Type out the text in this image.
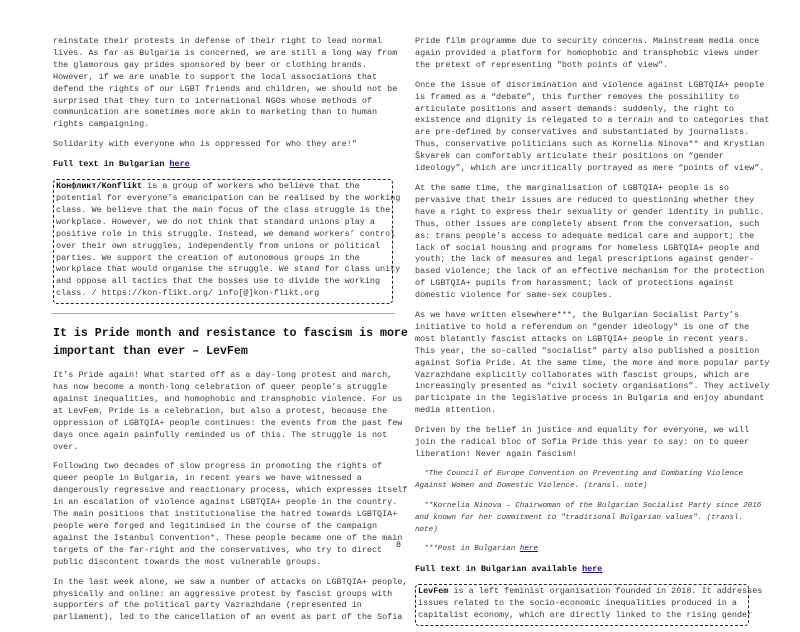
reinstate their protests in defense of their right to lead normal
lives. As far as Bulgaria is concerned, we are still a long way from
the glamorous gay prides sponsored by beer or clothing brands.
However, if we are unable to support the local associations that
defend the rights of our LGBT friends and children, we should not be
surprised that they turn to international NGOs whose methods of
communication are sometimes more akin to marketing than to human
rights campaigning.

Solidarity with everyone who is oppressed for who they are!"

Full text in Bulgarian here

Конфликт/Konflikt is a group of workers who believe that the
potential for everyone’s emancipation can be realised by the working
class. We believe that the main focus of the class struggle is the
workplace. However, we do not think that standard unions play a
positive role in this struggle. Instead, we demand workers’ control
over their own struggles, independently from unions or political
parties. We support the creation of autonomous groups in the
workplace that would organise the struggle. We stand for class unity
and oppose all tactics that the bosses use to divide the working
class. / https://kon-flikt.org/ info[@]kon-flikt.org

It is Pride month and resistance to fascism is more
important than ever – LevFem

It’s Pride again! What started off as a day-long protest and march,
has now become a month-long celebration of queer people’s struggle
against inequalities, and homophobic and transphobic violence. For us
at LevFem, Pride is a celebration, but also a protest, because the
oppression of LGBTQIA+ people continues: the events from the past few
days once again painfully reminded us of this. The struggle is not
over.

Following two decades of slow progress in promoting the rights of
queer people in Bulgaria, in recent years we have witnessed a
dangerously regressive and reactionary process, which expresses itself
in an escalation of violence against LGBTQIA+ people in the country.
The main positions that institutionalise the hatred towards LGBTQIA+
people were forged and legitimised in the course of the campaign
against the Istanbul Convention*. These people became one of the main
targets of the far-right and the conservatives, who try to direct
public discontent towards the most vulnerable groups.

In the last week alone, we saw a number of attacks on LGBTQIA+ people,
physically and online: an aggressive protest by fascist groups with
supporters of the political party Vazrazhdane (represented in
parliament), led to the cancellation of an event as part of the Sofia

Pride film programme due to security concerns. Mainstream media once
again provided a platform for homophobic and transphobic views under
the pretext of representing "both points of view".

Once the issue of discrimination and violence against LGBTQIA+ people
is framed as a “debate”, this further removes the possibility to
articulate positions and assert demands: suddenly, the right to
existence and dignity is relegated to a terrain and to categories that
are pre-defined by conservatives and substantiated by journalists.
Thus, conservative politicians such as Kornelia Ninova** and Krystian
Škvarek can comfortably articulate their positions on “gender
ideology”, which are uncritically portrayed as mere “points of view”.

At the same time, the marginalisation of LGBTQIA+ people is so
pervasive that their issues are reduced to questioning whether they
have a right to express their sexuality or gender identity in public.
Thus, other issues are completely absent from the conversation, such
as: trans people’s access to adequate medical care and support; the
lack of social housing and programs for homeless LGBTQIA+ people and
youth; the lack of measures and legal prescriptions against gender-
based violence; the lack of an effective mechanism for the protection
of LGBTQIA+ pupils from harassment; lack of protections against
domestic violence for same-sex couples.

As we have written elsewhere***, the Bulgarian Socialist Party’s
initiative to hold a referendum on "gender ideology" is one of the
most blatantly fascist attacks on LGBTQIA+ people in recent years.
This year, the so-called "socialist" party also published a position
against Sofia Pride. At the same time, the more and more popular party
Vazrazhdane explicitly collaborates with fascist groups, which are
increasingly presented as “civil society organisations”. They actively
participate in the legislative process in Bulgaria and enjoy abundant
media attention.

Driven by the belief in justice and equality for everyone, we will
join the radical bloc of Sofia Pride this year to say: on to queer
liberation! Never again fascism!

*The Council of Europe Convention on Preventing and Combating Violence
Against Women and Domestic Violence. (transl. note)

**Kornelia Ninova – Chairwoman of the Bulgarian Socialist Party since 2016
and known for her commitment to "traditional Bulgarian values". (transl.
note)

***Post in Bulgarian here

Full text in Bulgarian available here

LevFem is a left feminist organisation founded in 2018. It addresses
issues related to the socio-economic inequalities produced in a
capitalist economy, which are directly linked to the rising gender

8
